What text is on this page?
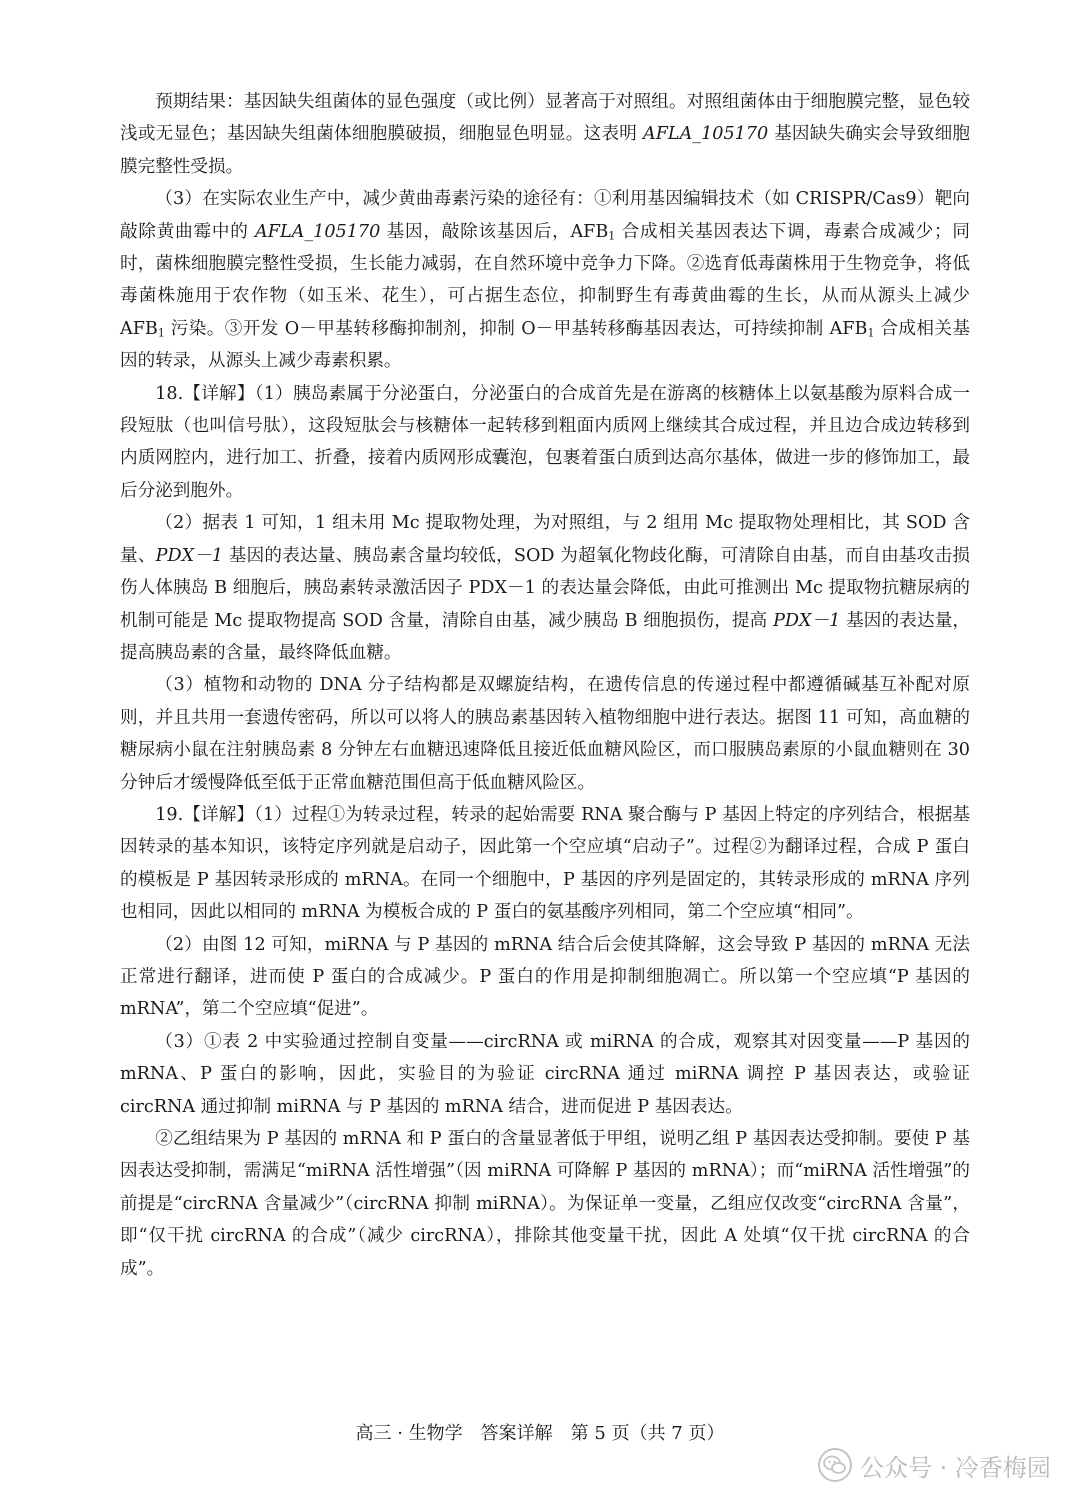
预期结果：基因缺失组菌体的显色强度（或比例）显著高于对照组。对照组菌体由于细胞膜完整，显色较浅或无显色；基因缺失组菌体细胞膜破损，细胞显色明显。这表明 AFLA_105170 基因缺失确实会导致细胞膜完整性受损。

（3）在实际农业生产中，减少黄曲毒素污染的途径有：①利用基因编辑技术（如 CRISPR/Cas9）靶向敲除黄曲霉中的 AFLA_105170 基因，敲除该基因后，$AFB_1$ 合成相关基因表达下调，毒素合成减少；同时，菌株细胞膜完整性受损，生长能力减弱，在自然环境中竞争力下降。②选育低毒菌株用于生物竞争，将低毒菌株施用于农作物（如玉米、花生），可占据生态位，抑制野生有毒黄曲霉的生长，从而从源头上减少 $AFB_1$ 污染。③开发 O－甲基转移酶抑制剂，抑制 O－甲基转移酶基因表达，可持续抑制 $AFB_1$ 合成相关基因的转录，从源头上减少毒素积累。

18.【详解】（1）胰岛素属于分泌蛋白，分泌蛋白的合成首先是在游离的核糖体上以氨基酸为原料合成一段短肽（也叫信号肽），这段短肽会与核糖体一起转移到粗面内质网上继续其合成过程，并且边合成边转移到内质网腔内，进行加工、折叠，接着内质网形成囊泡，包裹着蛋白质到达高尔基体，做进一步的修饰加工，最后分泌到胞外。

（2）据表 1 可知，1 组未用 Mc 提取物处理，为对照组，与 2 组用 Mc 提取物处理相比，其 SOD 含量、PDX－1 基因的表达量、胰岛素含量均较低，SOD 为超氧化物歧化酶，可清除自由基，而自由基攻击损伤人体胰岛 B 细胞后，胰岛素转录激活因子 PDX－1 的表达量会降低，由此可推测出 Mc 提取物抗糖尿病的机制可能是 Mc 提取物提高 SOD 含量，清除自由基，减少胰岛 B 细胞损伤，提高 PDX－1 基因的表达量，提高胰岛素的含量，最终降低血糖。

（3）植物和动物的 DNA 分子结构都是双螺旋结构，在遗传信息的传递过程中都遵循碱基互补配对原则，并且共用一套遗传密码，所以可以将人的胰岛素基因转入植物细胞中进行表达。据图 11 可知，高血糖的糖尿病小鼠在注射胰岛素 8 分钟左右血糖迅速降低且接近低血糖风险区，而口服胰岛素原的小鼠血糖则在 30 分钟后才缓慢降低至低于正常血糖范围但高于低血糖风险区。

19.【详解】（1）过程①为转录过程，转录的起始需要 RNA 聚合酶与 P 基因上特定的序列结合，根据基因转录的基本知识，该特定序列就是启动子，因此第一个空应填“启动子”。过程②为翻译过程，合成 P 蛋白的模板是 P 基因转录形成的 mRNA。在同一个细胞中，P 基因的序列是固定的，其转录形成的 mRNA 序列也相同，因此以相同的 mRNA 为模板合成的 P 蛋白的氨基酸序列相同，第二个空应填“相同”。

（2）由图 12 可知，miRNA 与 P 基因的 mRNA 结合后会使其降解，这会导致 P 基因的 mRNA 无法正常进行翻译，进而使 P 蛋白的合成减少。P 蛋白的作用是抑制细胞凋亡。所以第一个空应填“P 基因的 mRNA”，第二个空应填“促进”。

（3）①表 2 中实验通过控制自变量——circRNA 或 miRNA 的合成，观察其对因变量——P 基因的 mRNA、P 蛋白的影响，因此，实验目的为验证 circRNA 通过 miRNA 调控 P 基因表达，或验证 circRNA 通过抑制 miRNA 与 P 基因的 mRNA 结合，进而促进 P 基因表达。

②乙组结果为 P 基因的 mRNA 和 P 蛋白的含量显著低于甲组，说明乙组 P 基因表达受抑制。要使 P 基因表达受抑制，需满足“miRNA 活性增强”（因 miRNA 可降解 P 基因的 mRNA）；而“miRNA 活性增强”的前提是“circRNA 含量减少”（circRNA 抑制 miRNA）。为保证单一变量，乙组应仅改变“circRNA 含量”，即“仅干扰 circRNA 的合成”（减少 circRNA），排除其他变量干扰，因此 A 处填“仅干扰 circRNA 的合成”。

高三 · 生物学　答案详解　第 5 页（共 7 页）
公众号 · 冷香梅园
